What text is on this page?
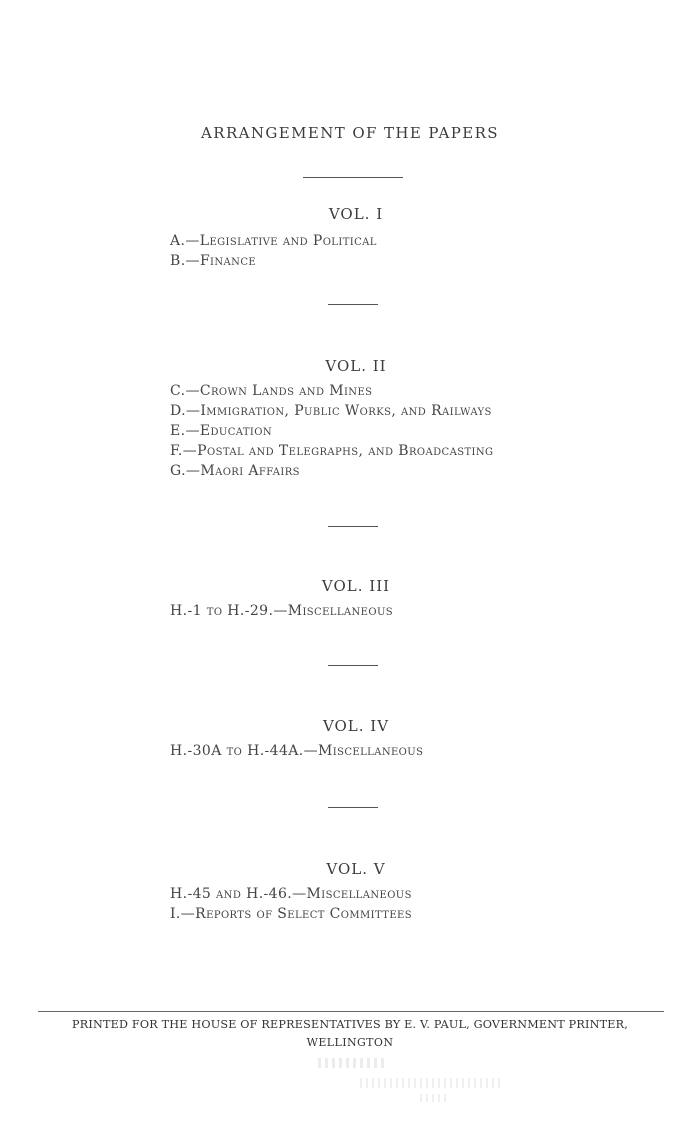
ARRANGEMENT OF THE PAPERS
VOL. I
A.—Legislative and Political
B.—Finance
VOL. II
C.—Crown Lands and Mines
D.—Immigration, Public Works, and Railways
E.—Education
F.—Postal and Telegraphs, and Broadcasting
G.—Maori Affairs
VOL. III
H.-1 to H.-29.—Miscellaneous
VOL. IV
H.-30A to H.-44A.—Miscellaneous
VOL. V
H.-45 and H.-46.—Miscellaneous
I.—Reports of Select Committees
PRINTED FOR THE HOUSE OF REPRESENTATIVES BY E. V. PAUL, GOVERNMENT PRINTER,
WELLINGTON
